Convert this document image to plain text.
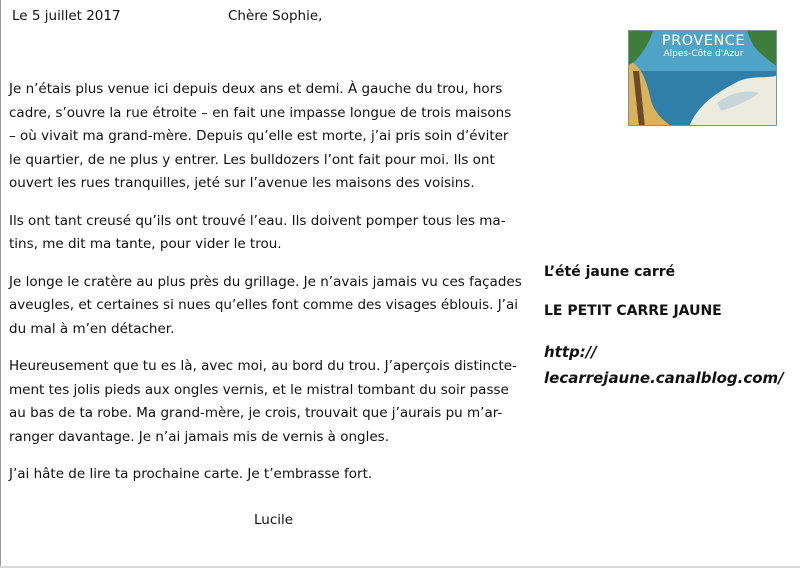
Le 5 juillet 2017	Chère Sophie,

Je n’étais plus venue ici depuis deux ans et demi. À gauche du trou, hors
cadre, s’ouvre la rue étroite – en fait une impasse longue de trois maisons
– où vivait ma grand-mère. Depuis qu’elle est morte, j’ai pris soin d’éviter
le quartier, de ne plus y entrer. Les bulldozers l’ont fait pour moi. Ils ont
ouvert les rues tranquilles, jeté sur l’avenue les maisons des voisins.

Ils ont tant creusé qu’ils ont trouvé l’eau. Ils doivent pomper tous les ma-
tins, me dit ma tante, pour vider le trou.

Je longe le cratère au plus près du grillage. Je n’avais jamais vu ces façades
aveugles, et certaines si nues qu’elles font comme des visages éblouis. J’ai
du mal à m’en détacher.

Heureusement que tu es là, avec moi, au bord du trou. J’aperçois distincte-
ment tes jolis pieds aux ongles vernis, et le mistral tombant du soir passe
au bas de ta robe. Ma grand-mère, je crois, trouvait que j’aurais pu m’ar-
ranger davantage. Je n’ai jamais mis de vernis à ongles.

J’ai hâte de lire ta prochaine carte. Je t’embrasse fort.

Lucile
PROVENCE
Alpes-Côte d'Azur
L’été jaune carré
LE PETIT CARRE JAUNE
http://
lecarrejaune.canalblog.com/
